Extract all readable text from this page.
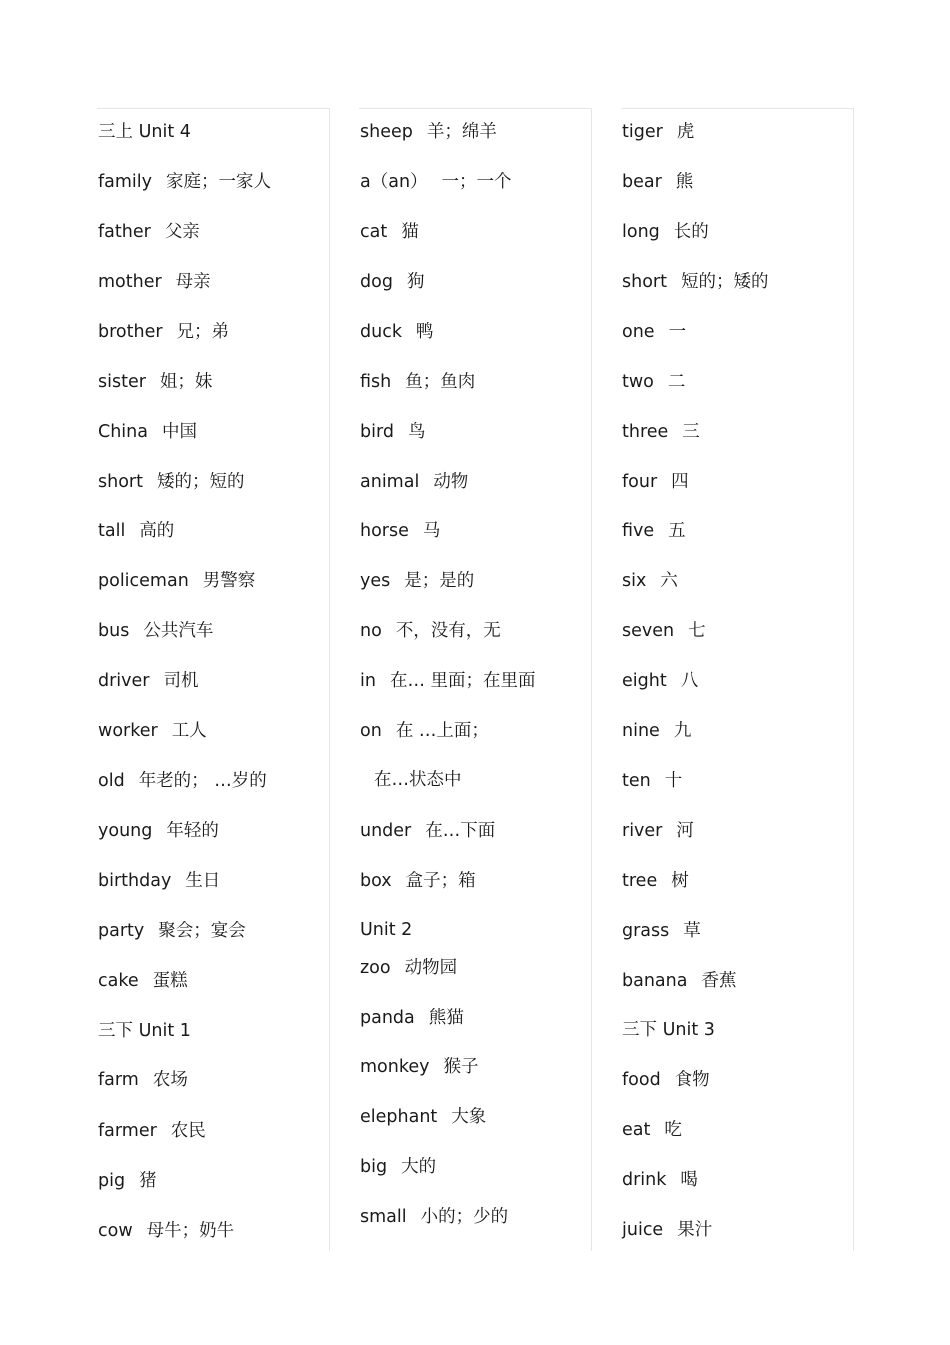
三上 Unit 4
family 家庭；一家人
father 父亲
mother 母亲
brother 兄；弟
sister 姐；妹
China 中国
short 矮的；短的
tall 高的
policeman 男警察
bus 公共汽车
driver 司机
worker 工人
old 年老的； …岁的
young 年轻的
birthday 生日
party 聚会；宴会
cake 蛋糕
三下 Unit 1
farm 农场
farmer 农民
pig 猪
cow 母牛；奶牛
sheep 羊；绵羊
a（an） 一；一个
cat 猫
dog 狗
duck 鸭
fish 鱼；鱼肉
bird 鸟
animal 动物
horse 马
yes 是；是的
no 不，没有，无
in 在… 里面；在里面
on 在 …上面；
在…状态中
under 在…下面
box 盒子；箱
Unit 2
zoo 动物园
panda 熊猫
monkey 猴子
elephant 大象
big 大的
small 小的；少的
tiger 虎
bear 熊
long 长的
short 短的；矮的
one 一
two 二
three 三
four 四
five 五
six 六
seven 七
eight 八
nine 九
ten 十
river 河
tree 树
grass 草
banana 香蕉
三下 Unit 3
food 食物
eat 吃
drink 喝
juice 果汁
